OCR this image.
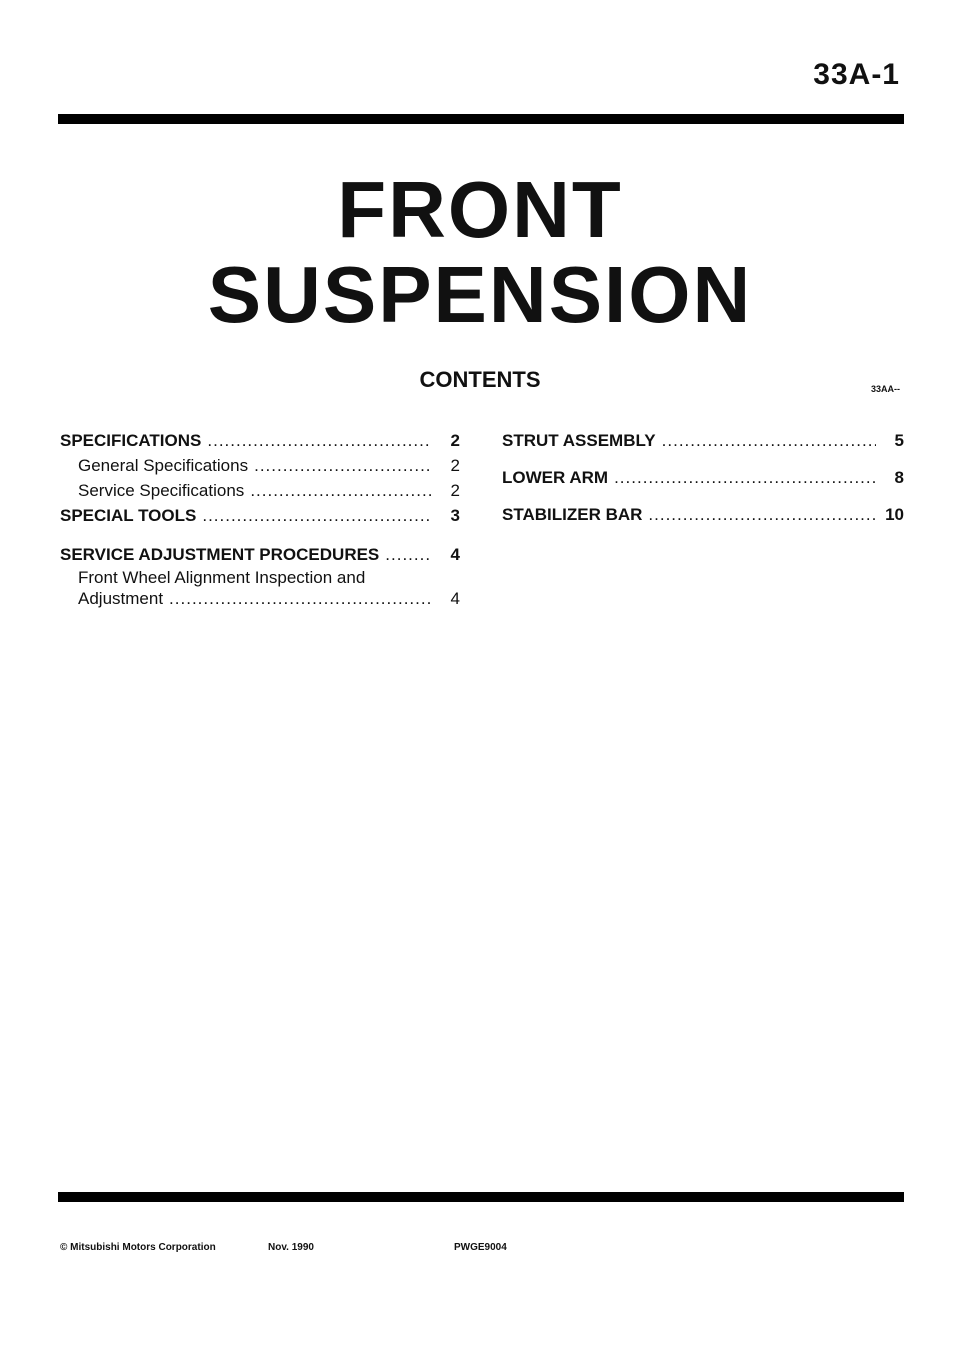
33A-1
FRONT
SUSPENSION
CONTENTS	33AA--
SPECIFICATIONS .....	2
General Specifications .....	2
Service Specifications .....	2
SPECIAL TOOLS .....	3
SERVICE ADJUSTMENT PROCEDURES .....	4
Front Wheel Alignment Inspection and
Adjustment .....	4
STRUT ASSEMBLY .....	5
LOWER ARM .....	8
STABILIZER BAR .....	10
© Mitsubishi Motors Corporation	Nov. 1990	PWGE9004
